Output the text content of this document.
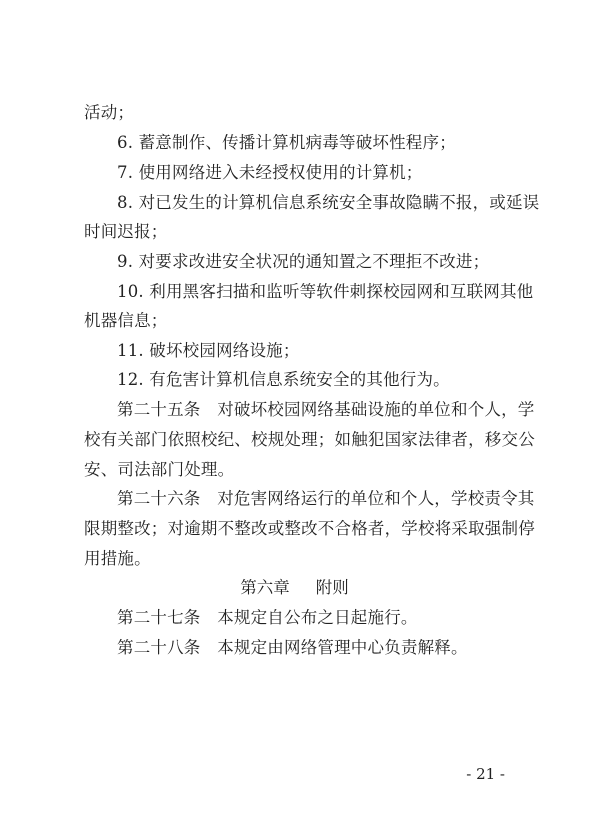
活动；
6. 蓄意制作、传播计算机病毒等破坏性程序；
7. 使用网络进入未经授权使用的计算机；
8. 对已发生的计算机信息系统安全事故隐瞒不报，或延误
时间迟报；
9. 对要求改进安全状况的通知置之不理拒不改进；
10. 利用黑客扫描和监听等软件刺探校园网和互联网其他
机器信息；
11. 破坏校园网络设施；
12. 有危害计算机信息系统安全的其他行为。
第二十五条　对破坏校园网络基础设施的单位和个人，学
校有关部门依照校纪、校规处理；如触犯国家法律者，移交公
安、司法部门处理。
第二十六条　对危害网络运行的单位和个人，学校责令其
限期整改；对逾期不整改或整改不合格者，学校将采取强制停
用措施。
第六章 附则
第二十七条　本规定自公布之日起施行。
第二十八条　本规定由网络管理中心负责解释。
- 21 -
